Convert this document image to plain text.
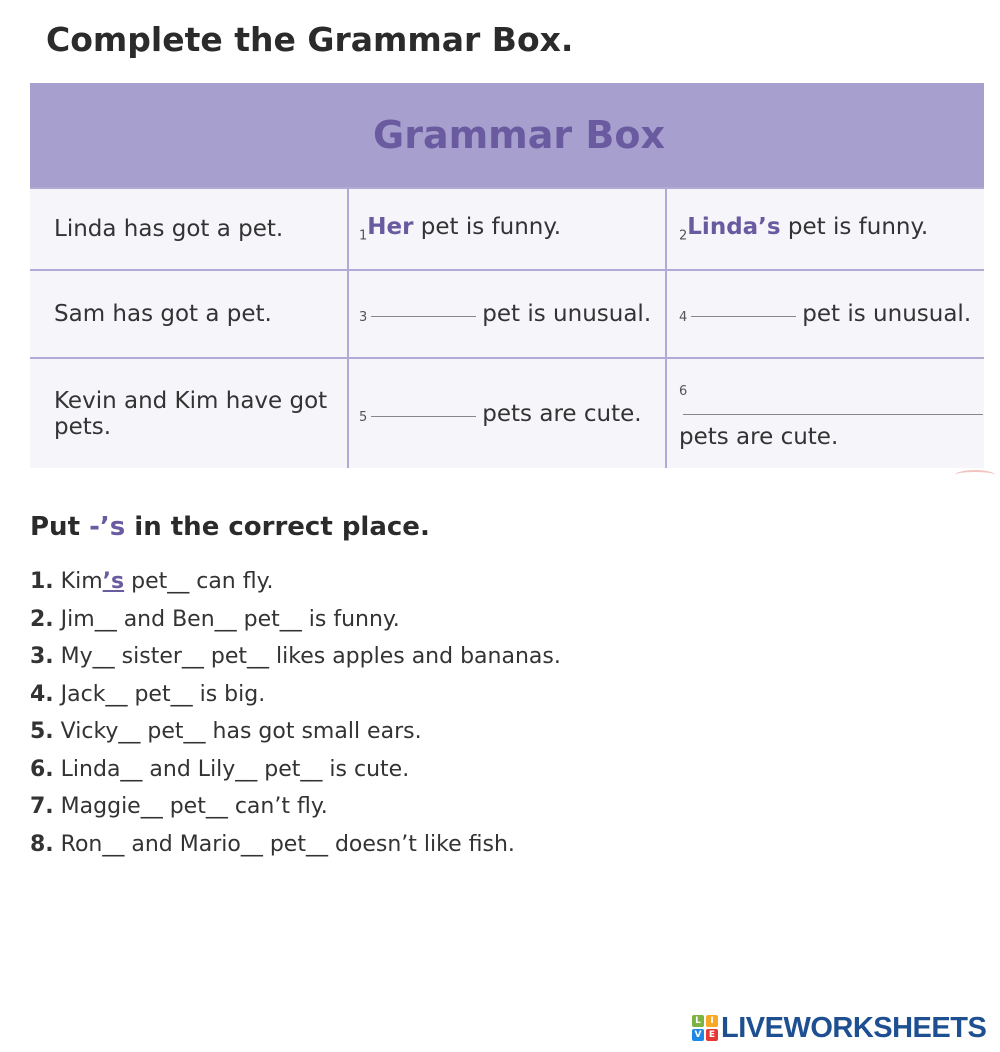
Complete the Grammar Box.
Grammar Box		
Linda has got a pet.	$_1$Her pet is funny.	$_2$Linda’s pet is funny.
Sam has got a pet.	3 pet is unusual.	4 pet is unusual.
Kevin and Kim have got pets.	5 pets are cute.	6
pets are cute.
Put -’s in the correct place.
1. Kim’s pet__ can fly.
2. Jim__ and Ben__ pet__ is funny.
3. My__ sister__ pet__ likes apples and bananas.
4. Jack__ pet__ is big.
5. Vicky__ pet__ has got small ears.
6. Linda__ and Lily__ pet__ is cute.
7. Maggie__ pet__ can’t fly.
8. Ron__ and Mario__ pet__ doesn’t like fish.
L	I
V E LIVEWORKSHEETS
